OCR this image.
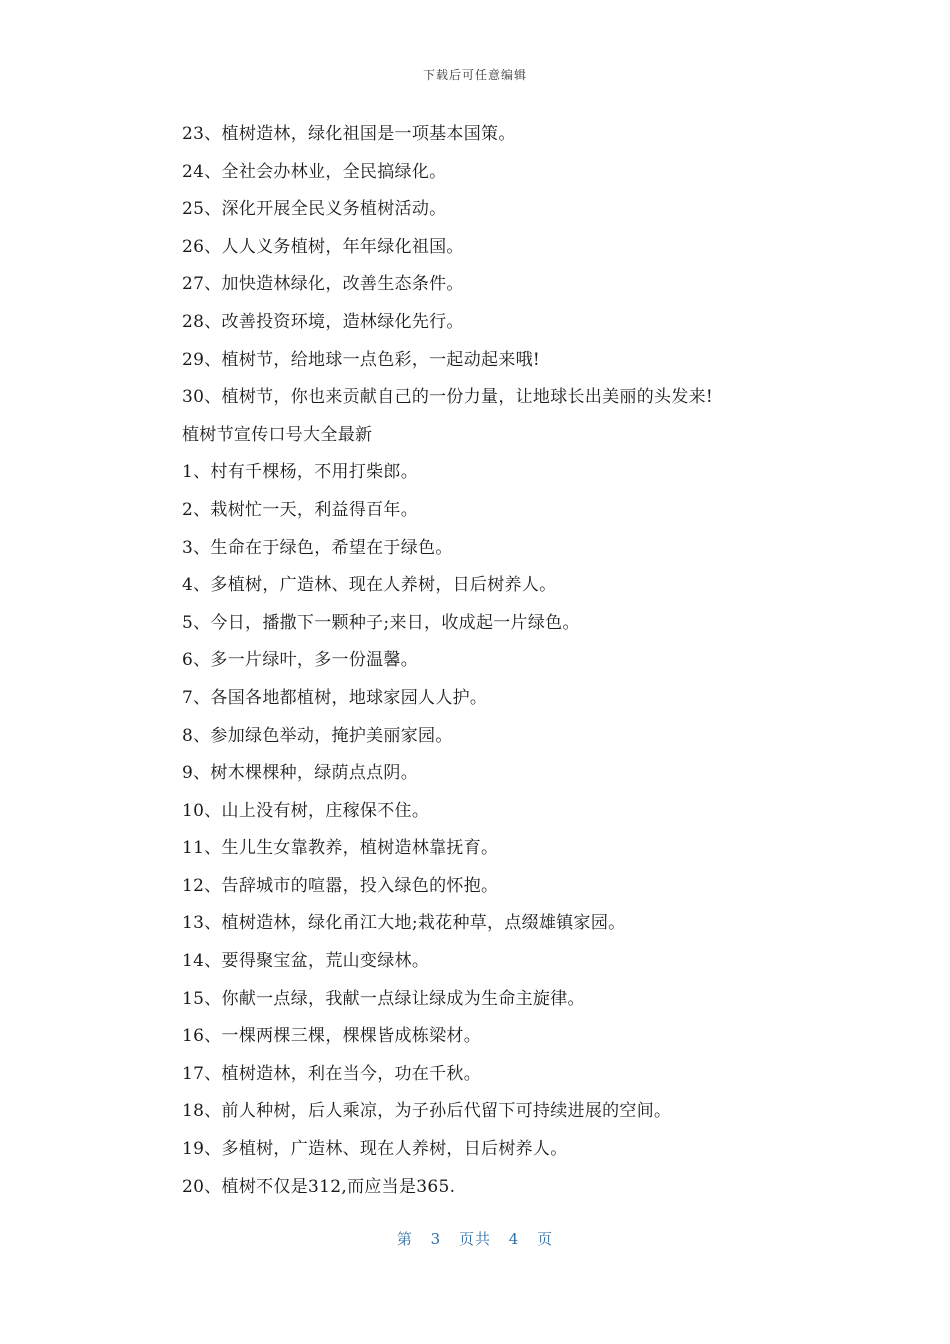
下载后可任意编辑
23、植树造林，绿化祖国是一项基本国策。
24、全社会办林业，全民搞绿化。
25、深化开展全民义务植树活动。
26、人人义务植树，年年绿化祖国。
27、加快造林绿化，改善生态条件。
28、改善投资环境，造林绿化先行。
29、植树节，给地球一点色彩，一起动起来哦!
30、植树节，你也来贡献自己的一份力量，让地球长出美丽的头发来!
植树节宣传口号大全最新
1、村有千棵杨，不用打柴郎。
2、栽树忙一天，利益得百年。
3、生命在于绿色，希望在于绿色。
4、多植树，广造林、现在人养树，日后树养人。
5、今日，播撒下一颗种子;来日，收成起一片绿色。
6、多一片绿叶，多一份温馨。
7、各国各地都植树，地球家园人人护。
8、参加绿色举动，掩护美丽家园。
9、树木棵棵种，绿荫点点阴。
10、山上没有树，庄稼保不住。
11、生儿生女靠教养，植树造林靠抚育。
12、告辞城市的喧嚣，投入绿色的怀抱。
13、植树造林，绿化甬江大地;栽花种草，点缀雄镇家园。
14、要得聚宝盆，荒山变绿林。
15、你献一点绿，我献一点绿让绿成为生命主旋律。
16、一棵两棵三棵，棵棵皆成栋梁材。
17、植树造林，利在当今，功在千秋。
18、前人种树，后人乘凉，为子孙后代留下可持续进展的空间。
19、多植树，广造林、现在人养树，日后树养人。
20、植树不仅是312,而应当是365.
第 3 页共 4 页
